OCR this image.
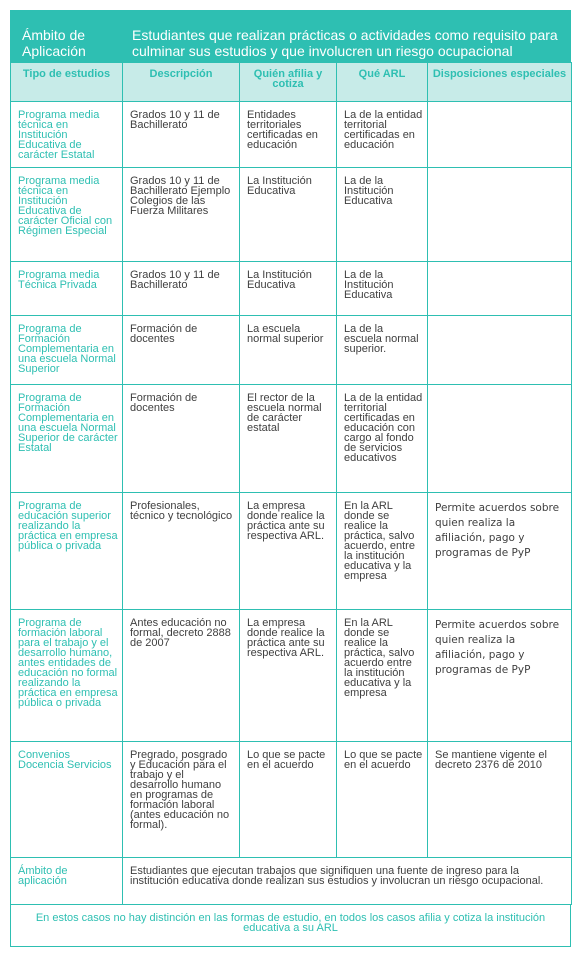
Ámbito de Aplicación
Estudiantes que realizan prácticas o actividades como requisito para culminar sus estudios y que involucren un riesgo ocupacional
Tipo de estudios	Descripción	Quién afilia y cotiza	Qué ARL	Disposiciones especiales
Programa media técnica en Institución Educativa de carácter Estatal	Grados 10 y 11 de Bachillerato	Entidades territoriales certificadas en educación	La de la entidad territorial certificadas en educación	
Programa media técnica en Institución Educativa de carácter Oficial con Régimen Especial	Grados 10 y 11 de Bachillerato Ejemplo Colegios de las Fuerza Militares	La Institución Educativa	La de la Institución Educativa	
Programa media Técnica Privada	Grados 10 y 11 de Bachillerato	La Institución Educativa	La de la Institución Educativa	
Programa de Formación Complementaria en una escuela Normal Superior	Formación de docentes	La escuela normal superior	La de la escuela normal superior.	
Programa de Formación Complementaria en una escuela Normal Superior de carácter Estatal	Formación de docentes	El rector de la escuela normal de carácter estatal	La de la entidad territorial certificadas en educación con cargo al fondo de servicios educativos	
Programa de educación superior realizando la práctica en empresa pública o privada	Profesionales, técnico y tecnológico	La empresa donde realice la práctica ante su respectiva ARL.	En la ARL donde se realice la práctica, salvo acuerdo, entre la institución educativa y la empresa	Permite acuerdos sobre quien realiza la afiliación, pago y programas de PyP
Programa de formación laboral para el trabajo y el desarrollo humano, antes entidades de educación no formal realizando la práctica en empresa pública o privada	Antes educación no formal, decreto 2888 de 2007	La empresa donde realice la práctica ante su respectiva ARL.	En la ARL donde se realice la práctica, salvo acuerdo entre la institución educativa y la empresa	Permite acuerdos sobre quien realiza la afiliación, pago y programas de PyP
Convenios Docencia Servicios	Pregrado, posgrado y Educación para el trabajo y el desarrollo humano en programas de formación laboral (antes educación no formal).	Lo que se pacte en el acuerdo	Lo que se pacte en el acuerdo	Se mantiene vigente el decreto 2376 de 2010
Ámbito de aplicación	Estudiantes que ejecutan trabajos que signifiquen una fuente de ingreso para la institución educativa donde realizan sus estudios y involucran un riesgo ocupacional.			
En estos casos no hay distinción en las formas de estudio, en todos los casos afilia y cotiza la institución educativa a su ARL
